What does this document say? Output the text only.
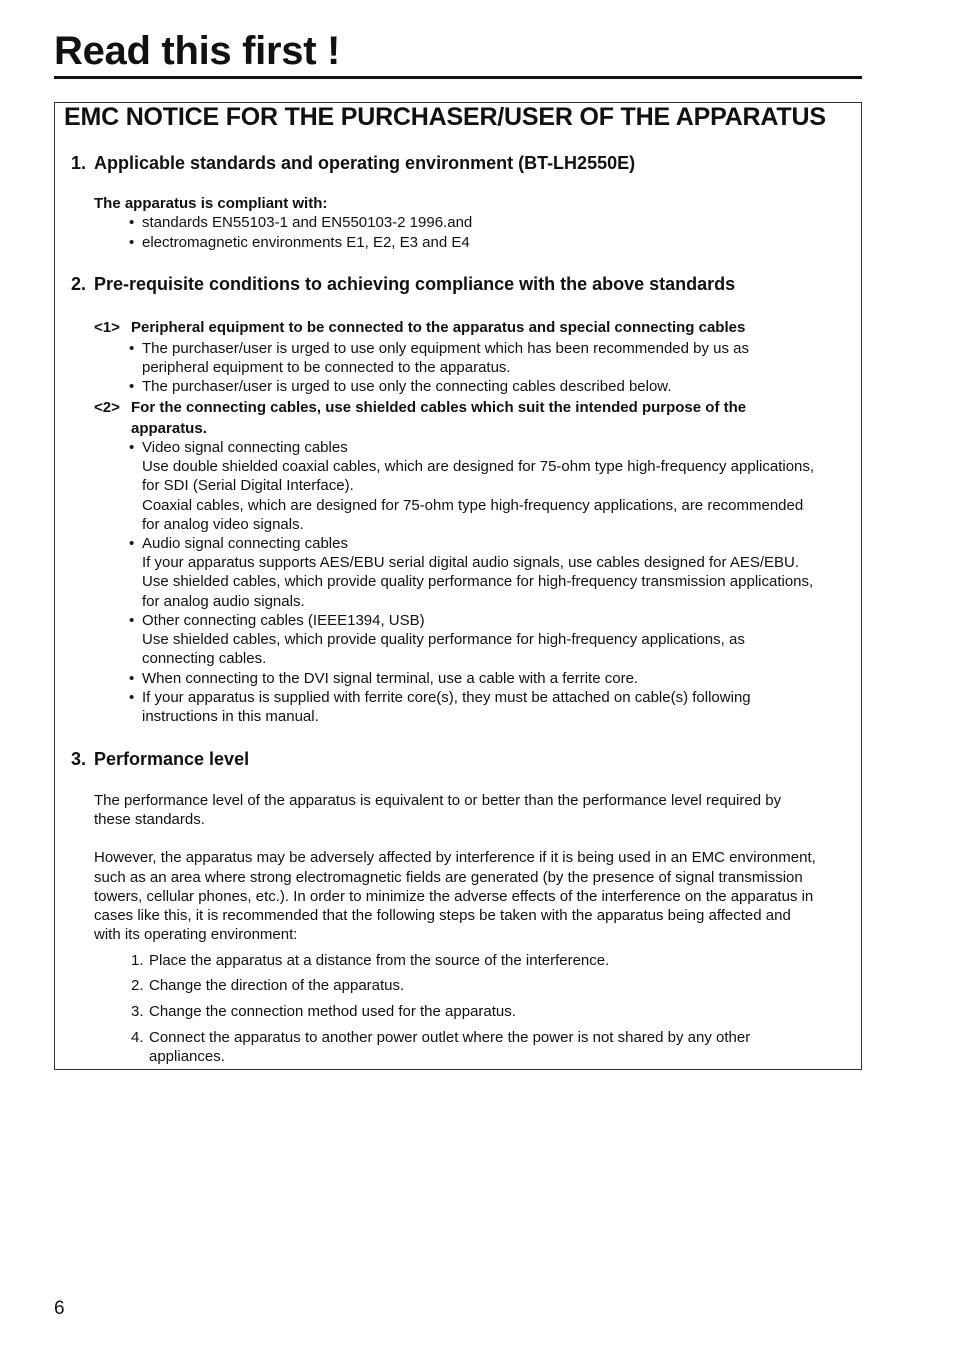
Read this first !
EMC NOTICE FOR THE PURCHASER/USER OF THE APPARATUS
1. Applicable standards and operating environment (BT-LH2550E)
The apparatus is compliant with:
• standards EN55103-1 and EN550103-2 1996.and
• electromagnetic environments E1, E2, E3 and E4
2. Pre-requisite conditions to achieving compliance with the above standards
<1> Peripheral equipment to be connected to the apparatus and special connecting cables
• The purchaser/user is urged to use only equipment which has been recommended by us as
peripheral equipment to be connected to the apparatus.
• The purchaser/user is urged to use only the connecting cables described below.
<2> For the connecting cables, use shielded cables which suit the intended purpose of the
apparatus.
• Video signal connecting cables
Use double shielded coaxial cables, which are designed for 75-ohm type high-frequency applications,
for SDI (Serial Digital Interface).
Coaxial cables, which are designed for 75-ohm type high-frequency applications, are recommended
for analog video signals.
• Audio signal connecting cables
If your apparatus supports AES/EBU serial digital audio signals, use cables designed for AES/EBU.
Use shielded cables, which provide quality performance for high-frequency transmission applications,
for analog audio signals.
• Other connecting cables (IEEE1394, USB)
Use shielded cables, which provide quality performance for high-frequency applications, as
connecting cables.
• When connecting to the DVI signal terminal, use a cable with a ferrite core.
• If your apparatus is supplied with ferrite core(s), they must be attached on cable(s) following
instructions in this manual.
3. Performance level
The performance level of the apparatus is equivalent to or better than the performance level required by
these standards.
However, the apparatus may be adversely affected by interference if it is being used in an EMC environment,
such as an area where strong electromagnetic fields are generated (by the presence of signal transmission
towers, cellular phones, etc.). In order to minimize the adverse effects of the interference on the apparatus in
cases like this, it is recommended that the following steps be taken with the apparatus being affected and
with its operating environment:
1. Place the apparatus at a distance from the source of the interference.
2. Change the direction of the apparatus.
3. Change the connection method used for the apparatus.
4. Connect the apparatus to another power outlet where the power is not shared by any other
appliances.
6
